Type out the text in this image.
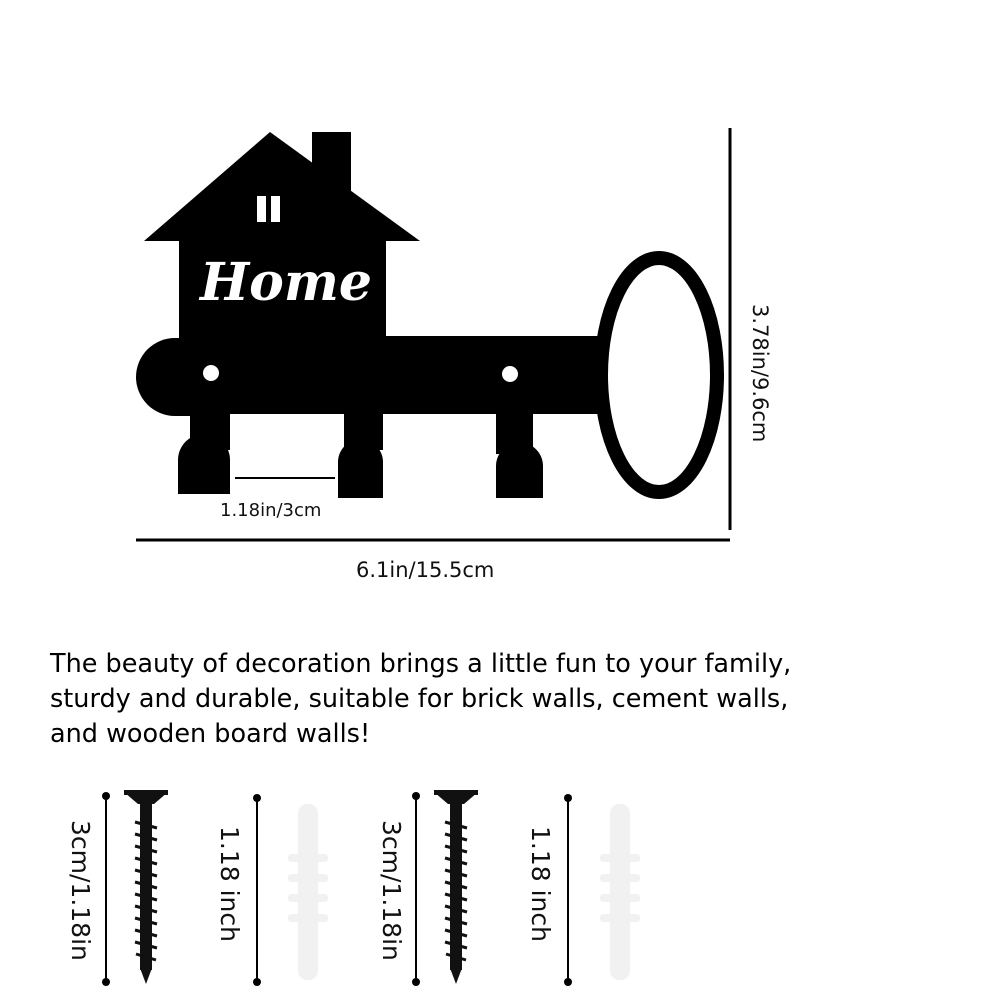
Home
3.78in/9.6cm
6.1in/15.5cm
1.18in/3cm
The beauty of decoration brings a little fun to your family,
sturdy and durable, suitable for brick walls, cement walls,
and wooden board walls!
3cm/1.18in	1.18 inch	3cm/1.18in	1.18 inch
